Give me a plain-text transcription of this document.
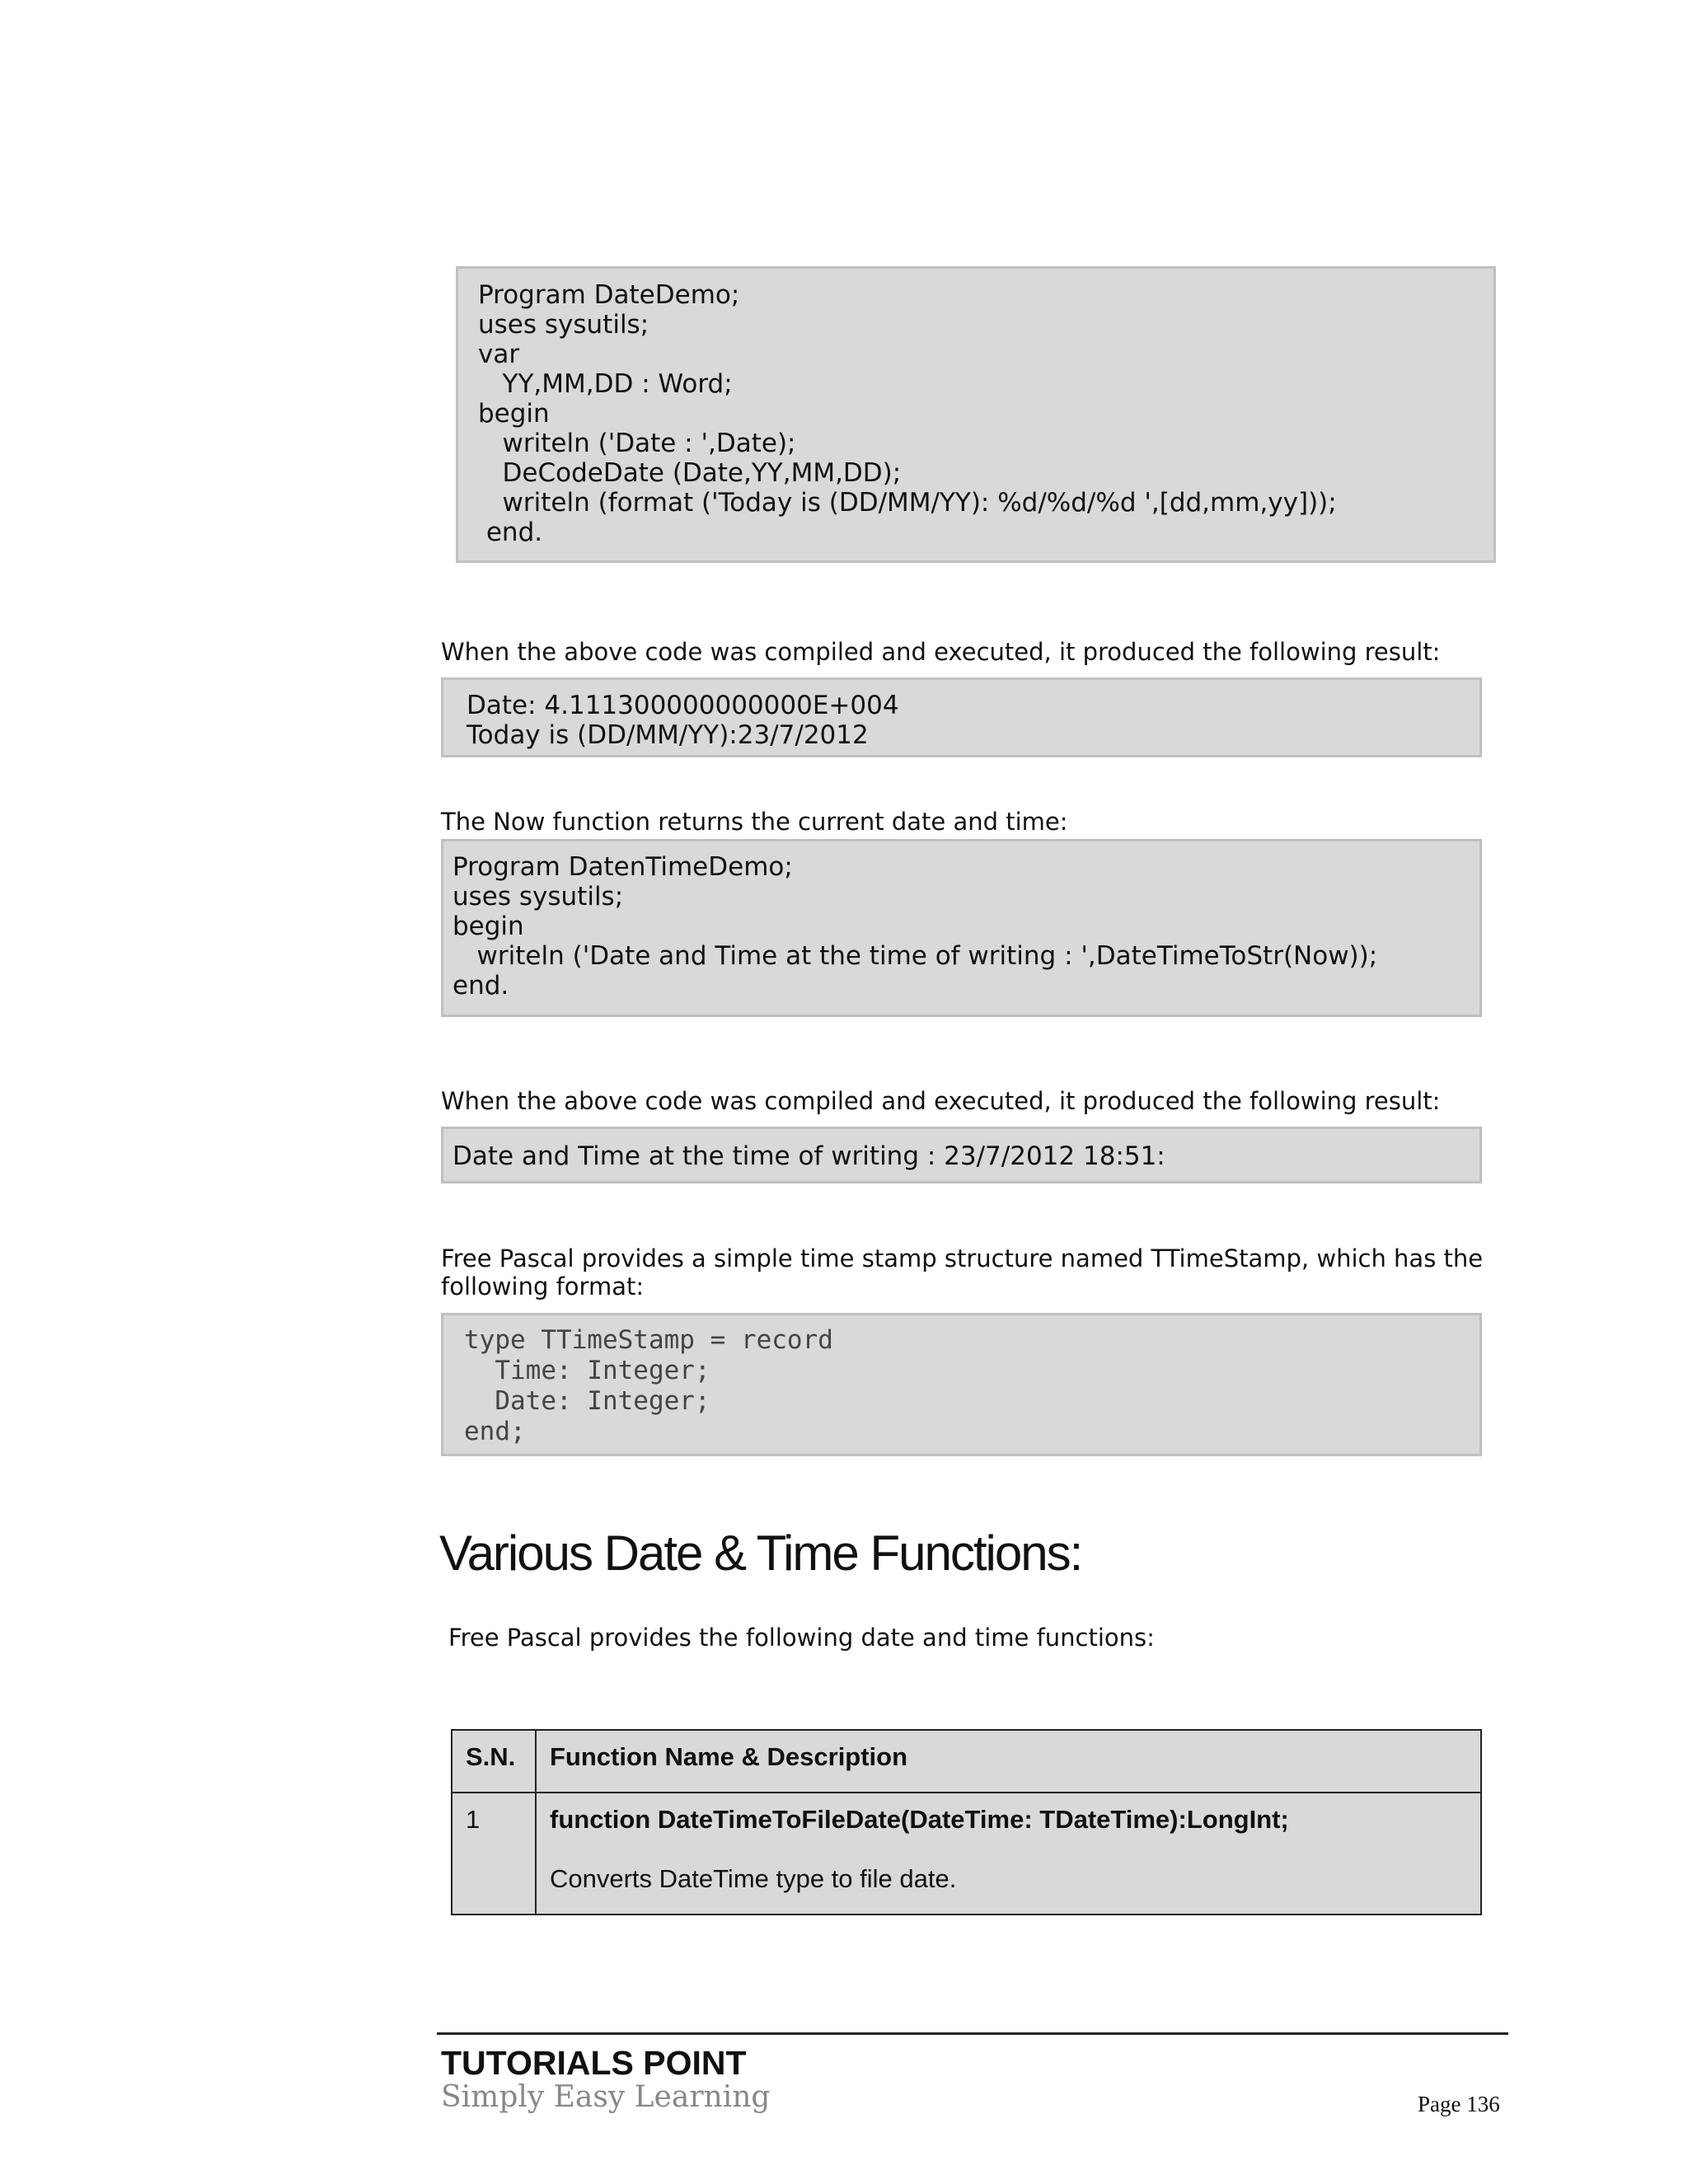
Program DateDemo;
uses sysutils;
var
YY,MM,DD : Word;
begin
writeln ('Date : ',Date);
DeCodeDate (Date,YY,MM,DD);
writeln (format ('Today is (DD/MM/YY): %d/%d/%d ',[dd,mm,yy]));
end.
When the above code was compiled and executed, it produced the following result:
Date: 4.111300000000000E+004
Today is (DD/MM/YY):23/7/2012
The Now function returns the current date and time:
Program DatenTimeDemo;
uses sysutils;
begin
writeln ('Date and Time at the time of writing : ',DateTimeToStr(Now));
end.
When the above code was compiled and executed, it produced the following result:
Date and Time at the time of writing : 23/7/2012 18:51:
Free Pascal provides a simple time stamp structure named TTimeStamp, which has the following format:
type TTimeStamp = record
Time: Integer;
Date: Integer;
end;
Various Date & Time Functions:
Free Pascal provides the following date and time functions:
S.N.	Function Name & Description
1	function DateTimeToFileDate(DateTime: TDateTime):LongInt;
Converts DateTime type to file date.
TUTORIALS POINT
Simply Easy Learning	Page 136
